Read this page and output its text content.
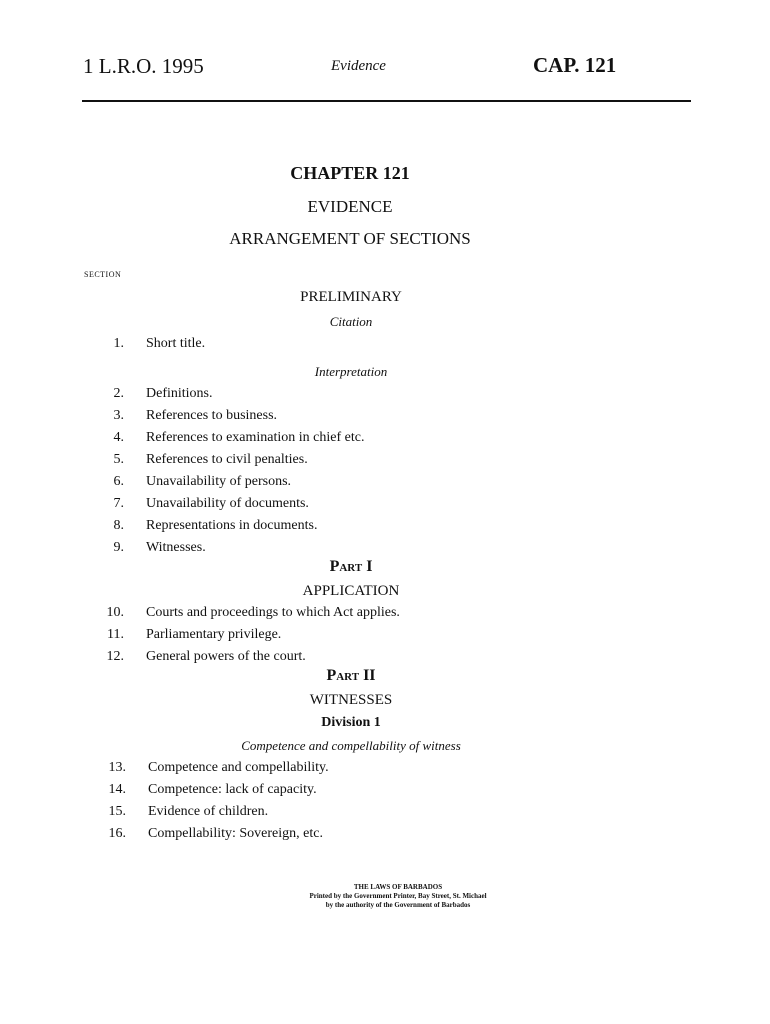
1 L.R.O. 1995	Evidence	CAP. 121
CHAPTER 121
EVIDENCE
ARRANGEMENT OF SECTIONS
SECTION
PRELIMINARY
Citation
1. Short title.
Interpretation
2. Definitions.
3. References to business.
4. References to examination in chief etc.
5. References to civil penalties.
6. Unavailability of persons.
7. Unavailability of documents.
8. Representations in documents.
9. Witnesses.
Part I
APPLICATION
10. Courts and proceedings to which Act applies.
11. Parliamentary privilege.
12. General powers of the court.
Part II
WITNESSES
Division 1
Competence and compellability of witness
13. Competence and compellability.
14. Competence: lack of capacity.
15. Evidence of children.
16. Compellability: Sovereign, etc.
THE LAWS OF BARBADOS
Printed by the Government Printer, Bay Street, St. Michael
by the authority of the Government of Barbados
